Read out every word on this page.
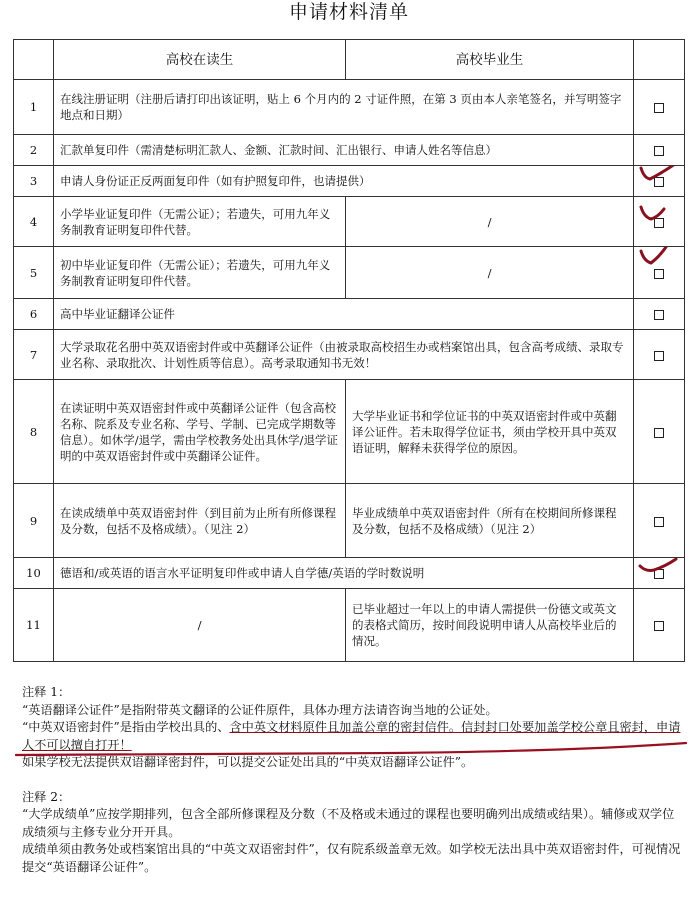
申请材料清单
	高校在读生	高校毕业生	
1	在线注册证明（注册后请打印出该证明，贴上 6 个月内的 2 寸证件照，在第 3 页由本人亲笔签名，并写明签字地点和日期）		
2	汇款单复印件（需清楚标明汇款人、金额、汇款时间、汇出银行、申请人姓名等信息）		
3	申请人身份证正反两面复印件（如有护照复印件，也请提供）	

4	小学毕业证复印件（无需公证）；若遗失，可用九年义务制教育证明复印件代替。	/	

5	初中毕业证复印件（无需公证）；若遗失，可用九年义务制教育证明复印件代替。	/	

6	高中毕业证翻译公证件		
7	大学录取花名册中英双语密封件或中英翻译公证件（由被录取高校招生办或档案馆出具，包含高考成绩、录取专业名称、录取批次、计划性质等信息）。高考录取通知书无效！		
8	在读证明中英双语密封件或中英翻译公证件（包含高校名称、院系及专业名称、学号、学制、已完成学期数等信息）。如休学/退学，需由学校教务处出具休学/退学证明的中英双语密封件或中英翻译公证件。	大学毕业证书和学位证书的中英双语密封件或中英翻译公证件。若未取得学位证书，须由学校开具中英双语证明，解释未获得学位的原因。	
9	在读成绩单中英双语密封件（到目前为止所有所修课程及分数，包括不及格成绩）。（见注 2）	毕业成绩单中英双语密封件（所有在校期间所修课程及分数，包括不及格成绩）（见注 2）	
10	德语和/或英语的语言水平证明复印件或申请人自学德/英语的学时数说明	

11	/	已毕业超过一年以上的申请人需提供一份德文或英文的表格式简历，按时间段说明申请人从高校毕业后的情况。	

注释 1：

“英语翻译公证件”是指附带英文翻译的公证件原件，具体办理方法请咨询当地的公证处。

“中英双语密封件”是指由学校出具的、含中英文材料原件且加盖公章的密封信件。信封封口处要加盖学校公章且密封，申请人不可以擅自打开！

如果学校无法提供双语翻译密封件，可以提交公证处出具的“中英双语翻译公证件”。

注释 2：

“大学成绩单”应按学期排列，包含全部所修课程及分数（不及格或未通过的课程也要明确列出成绩或结果）。辅修或双学位成绩须与主修专业分开开具。

成绩单须由教务处或档案馆出具的“中英文双语密封件”，仅有院系级盖章无效。如学校无法出具中英双语密封件，可视情况提交“英语翻译公证件”。
